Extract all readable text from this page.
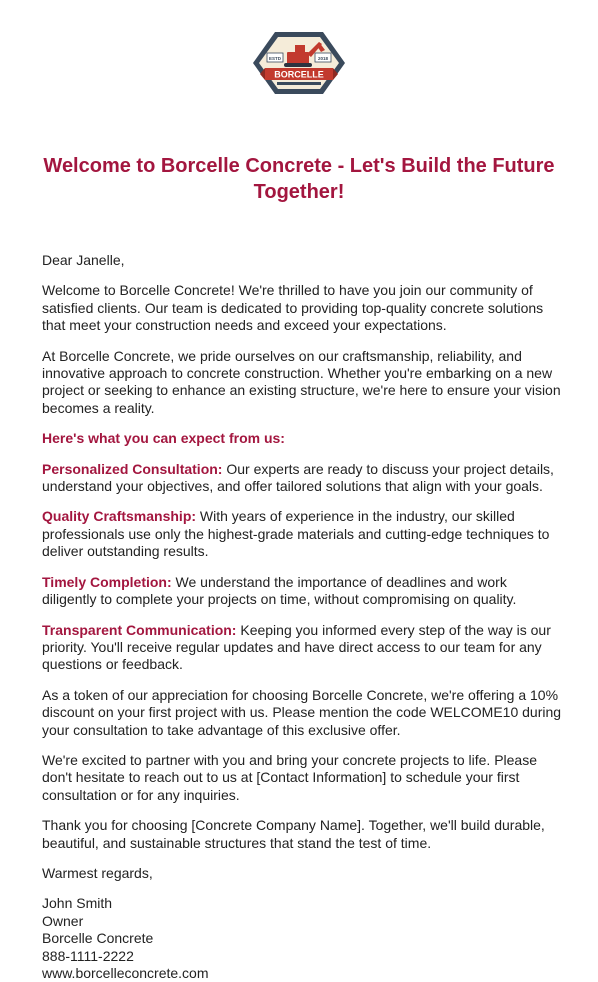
ESTD	2018
BORCELLE
Welcome to Borcelle Concrete - Let's Build the Future Together!

Dear Janelle,

Welcome to Borcelle Concrete! We're thrilled to have you join our community of satisfied clients. Our team is dedicated to providing top-quality concrete solutions that meet your construction needs and exceed your expectations.

At Borcelle Concrete, we pride ourselves on our craftsmanship, reliability, and innovative approach to concrete construction. Whether you're embarking on a new project or seeking to enhance an existing structure, we're here to ensure your vision becomes a reality.

Here's what you can expect from us:

Personalized Consultation: Our experts are ready to discuss your project details, understand your objectives, and offer tailored solutions that align with your goals.

Quality Craftsmanship: With years of experience in the industry, our skilled professionals use only the highest-grade materials and cutting-edge techniques to deliver outstanding results.

Timely Completion: We understand the importance of deadlines and work diligently to complete your projects on time, without compromising on quality.

Transparent Communication: Keeping you informed every step of the way is our priority. You'll receive regular updates and have direct access to our team for any questions or feedback.

As a token of our appreciation for choosing Borcelle Concrete, we're offering a 10% discount on your first project with us. Please mention the code WELCOME10 during your consultation to take advantage of this exclusive offer.

We're excited to partner with you and bring your concrete projects to life. Please don't hesitate to reach out to us at [Contact Information] to schedule your first consultation or for any inquiries.

Thank you for choosing [Concrete Company Name]. Together, we'll build durable, beautiful, and sustainable structures that stand the test of time.

Warmest regards,

John Smith
Owner
Borcelle Concrete
888-1111-2222
www.borcelleconcrete.com
